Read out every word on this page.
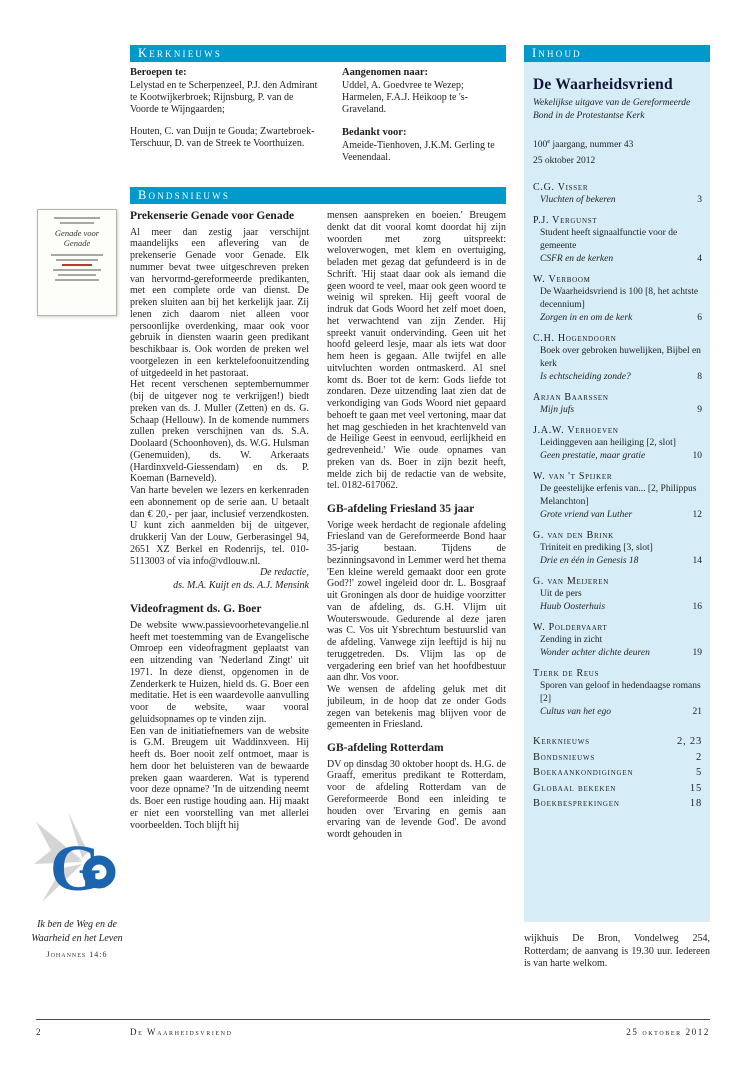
Genade voor Genade
G
Ik ben de Weg en de Waarheid en het Leven
Johannes 14:6
Kerknieuws
Bondsnieuws
Inhoud
Beroepen te:

Lelystad en te Scherpenzeel, P.J. den Admirant te Kootwijkerbroek; Rijnsburg, P. van de Voorde te Wijngaarden;

Houten, C. van Duijn te Gouda; Zwartebroek-Terschuur, D. van de Streek te Voorthuizen.

Aangenomen naar:

Uddel, A. Goedvree te Wezep; Harmelen, F.A.J. Heikoop te 's-Graveland.

Bedankt voor:

Ameide-Tienhoven, J.K.M. Gerling te Veenendaal.

Prekenserie Genade voor Genade

Al meer dan zestig jaar verschijnt maandelijks een aflevering van de prekenserie Genade voor Genade. Elk nummer bevat twee uitgeschreven preken van hervormd-gereformeerde predikanten, met een complete orde van dienst. De preken sluiten aan bij het kerkelijk jaar. Zij lenen zich daarom niet alleen voor persoonlijke overdenking, maar ook voor gebruik in diensten waarin geen predikant beschikbaar is. Ook worden de preken wel voorgelezen in een kerktelefoonuitzending of uitgedeeld in het pastoraat.

Het recent verschenen septembernummer (bij de uitgever nog te verkrijgen!) biedt preken van ds. J. Muller (Zetten) en ds. G. Schaap (Hellouw). In de komende nummers zullen preken verschijnen van ds. S.A. Doolaard (Schoonhoven), ds. W.G. Hulsman (Genemuiden), ds. W. Arkeraats (Hardinxveld-Giessendam) en ds. P. Koeman (Barneveld).

Van harte bevelen we lezers en kerkenraden een abonnement op de serie aan. U betaalt dan € 20,- per jaar, inclusief verzendkosten. U kunt zich aanmelden bij de uitgever, drukkerij Van der Louw, Gerberasingel 94, 2651 XZ Berkel en Rodenrijs, tel. 010-5113003 of via info@vdlouw.nl.

De redactie,
ds. M.A. Kuijt en ds. A.J. Mensink
Videofragment ds. G. Boer

De website www.passievoorhetevangelie.nl heeft met toestemming van de Evangelische Omroep een videofragment geplaatst van een uitzending van 'Nederland Zingt' uit 1971. In deze dienst, opgenomen in de Zenderkerk te Huizen, hield ds. G. Boer een meditatie. Het is een waardevolle aanvulling voor de website, waar vooral geluidsopnames op te vinden zijn.

Een van de initiatiefnemers van de website is G.M. Breugem uit Waddinxveen. Hij heeft ds. Boer nooit zelf ontmoet, maar is hem door het beluisteren van de bewaarde preken gaan waarderen. Wat is typerend voor deze opname? 'In de uitzending neemt ds. Boer een rustige houding aan. Hij maakt er niet een voorstelling van met allerlei voorbeelden. Toch blijft hij

mensen aanspreken en boeien.' Breugem denkt dat dit vooral komt doordat hij zijn woorden met zorg uitspreekt: weloverwogen, met klem en overtuiging, beladen met gezag dat gefundeerd is in de Schrift. 'Hij staat daar ook als iemand die geen woord te veel, maar ook geen woord te weinig wil spreken. Hij geeft vooral de indruk dat Gods Woord het zelf moet doen, het verwachtend van zijn Zender. Hij spreekt vanuit ondervinding. Geen uit het hoofd geleerd lesje, maar als iets wat door hem heen is gegaan. Alle twijfel en alle uitvluchten worden ontmaskerd. Al snel komt ds. Boer tot de kern: Gods liefde tot zondaren. Deze uitzending laat zien dat de verkondiging van Gods Woord niet gepaard behoeft te gaan met veel vertoning, maar dat het mag geschieden in het krachtenveld van de Heilige Geest in eenvoud, eerlijkheid en gedrevenheid.' Wie oude opnames van preken van ds. Boer in zijn bezit heeft, melde zich bij de redactie van de website, tel. 0182-617062.

GB-afdeling Friesland 35 jaar

Vorige week herdacht de regionale afdeling Friesland van de Gereformeerde Bond haar 35-jarig bestaan. Tijdens de bezinningsavond in Lemmer werd het thema 'Een kleine wereld gemaakt door een grote God?!' zowel ingeleid door dr. L. Bosgraaf uit Groningen als door de huidige voorzitter van de afdeling, ds. G.H. Vlijm uit Wouterswoude. Gedurende al deze jaren was C. Vos uit Ysbrechtum bestuurslid van de afdeling. Vanwege zijn leeftijd is hij nu teruggetreden. Ds. Vlijm las op de vergadering een brief van het hoofdbestuur aan dhr. Vos voor.

We wensen de afdeling geluk met dit jubileum, in de hoop dat ze onder Gods zegen van betekenis mag blijven voor de gemeenten in Friesland.

GB-afdeling Rotterdam

DV op dinsdag 30 oktober hoopt ds. H.G. de Graaff, emeritus predikant te Rotterdam, voor de afdeling Rotterdam van de Gereformeerde Bond een inleiding te houden over 'Ervaring en gemis aan ervaring van de levende God'. De avond wordt gehouden in

De Waarheidsvriend
Wekelijkse uitgave van de Gereformeerde Bond in de Protestantse Kerk
100e jaargang, nummer 43
25 oktober 2012
C.G. Visser
Vluchten of bekeren	3
P.J. Vergunst
Student heeft signaalfunctie voor de gemeente
CSFR en de kerken	4
W. Verboom
De Waarheidsvriend is 100 [8, het achtste decennium]
Zorgen in en om de kerk	6
C.H. Hogendoorn
Boek over gebroken huwelijken, Bijbel en kerk
Is echtscheiding zonde?	8
Arjan Baarssen
Mijn jufs	9
J.A.W. Verhoeven
Leidinggeven aan heiliging [2, slot]
Geen prestatie, maar gratie	10
W. van 't Spijker
De geestelijke erfenis van... [2, Philippus Melanchton]
Grote vriend van Luther	12
G. van den Brink
Triniteit en prediking [3, slot]
Drie en één in Genesis 18	14
G. van Meijeren
Uit de pers
Huub Oosterhuis	16
W. Poldervaart
Zending in zicht
Wonder achter dichte deuren	19
Tjerk de Reus
Sporen van geloof in hedendaagse romans [2]
Cultus van het ego	21
Kerknieuws	2, 23
Bondsnieuws	2
Boekaankondigingen	5
Globaal bekeken	15
Boekbesprekingen	18
wijkhuis De Bron, Vondelweg 254, Rotterdam; de aanvang is 19.30 uur. Iedereen is van harte welkom.
2	De Waarheidsvriend	25 oktober 2012
